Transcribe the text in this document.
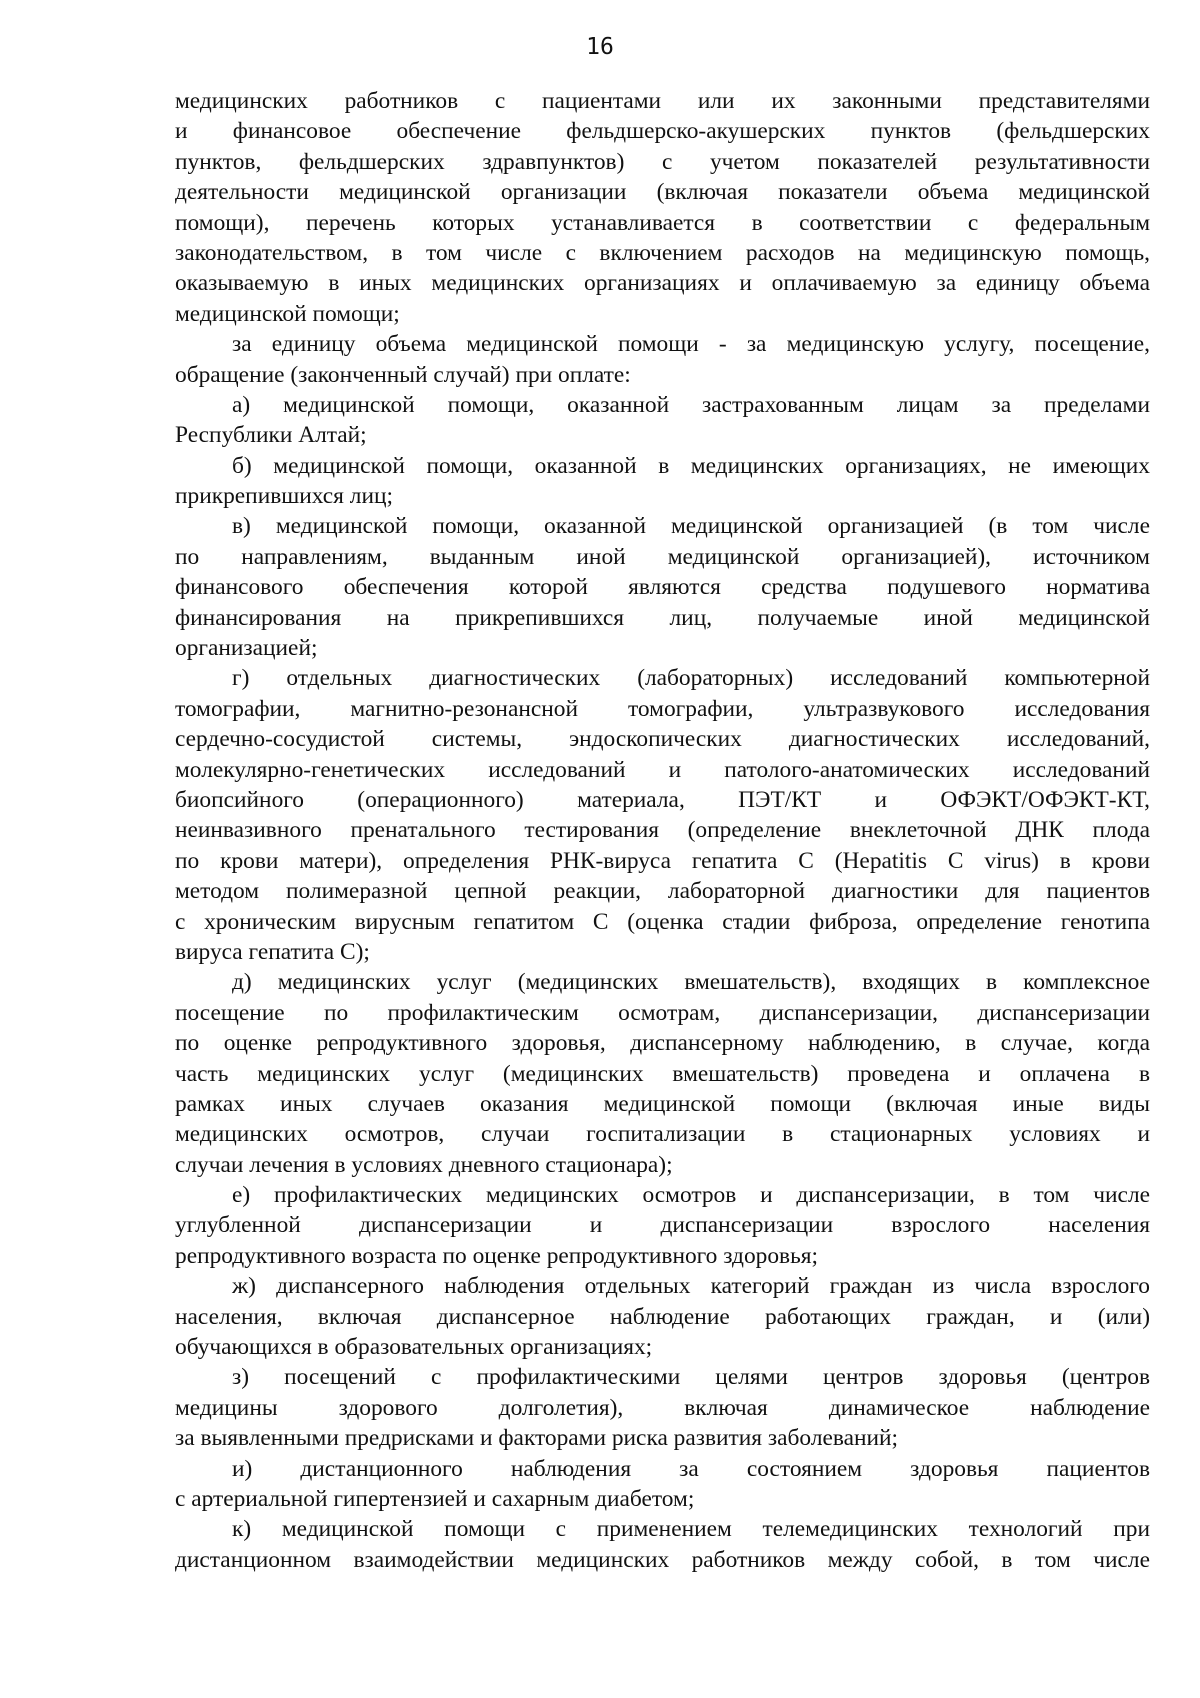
16
медицинских работников с пациентами или их законными представителями
и финансовое обеспечение фельдшерско-акушерских пунктов (фельдшерских
пунктов, фельдшерских здравпунктов) с учетом показателей результативности
деятельности медицинской организации (включая показатели объема медицинской
помощи), перечень которых устанавливается в соответствии с федеральным
законодательством, в том числе с включением расходов на медицинскую помощь,
оказываемую в иных медицинских организациях и оплачиваемую за единицу объема
медицинской помощи;
за единицу объема медицинской помощи - за медицинскую услугу, посещение,
обращение (законченный случай) при оплате:
а) медицинской помощи, оказанной застрахованным лицам за пределами
Республики Алтай;
б) медицинской помощи, оказанной в медицинских организациях, не имеющих
прикрепившихся лиц;
в) медицинской помощи, оказанной медицинской организацией (в том числе
по направлениям, выданным иной медицинской организацией), источником
финансового обеспечения которой являются средства подушевого норматива
финансирования на прикрепившихся лиц, получаемые иной медицинской
организацией;
г) отдельных диагностических (лабораторных) исследований компьютерной
томографии, магнитно-резонансной томографии, ультразвукового исследования
сердечно-сосудистой системы, эндоскопических диагностических исследований,
молекулярно-генетических исследований и патолого-анатомических исследований
биопсийного (операционного) материала, ПЭТ/КТ и ОФЭКТ/ОФЭКТ-КТ,
неинвазивного пренатального тестирования (определение внеклеточной ДНК плода
по крови матери), определения РНК-вируса гепатита С (Hepatitis C virus) в крови
методом полимеразной цепной реакции, лабораторной диагностики для пациентов
с хроническим вирусным гепатитом С (оценка стадии фиброза, определение генотипа
вируса гепатита С);
д) медицинских услуг (медицинских вмешательств), входящих в комплексное
посещение по профилактическим осмотрам, диспансеризации, диспансеризации
по оценке репродуктивного здоровья, диспансерному наблюдению, в случае, когда
часть медицинских услуг (медицинских вмешательств) проведена и оплачена в
рамках иных случаев оказания медицинской помощи (включая иные виды
медицинских осмотров, случаи госпитализации в стационарных условиях и
случаи лечения в условиях дневного стационара);
е) профилактических медицинских осмотров и диспансеризации, в том числе
углубленной диспансеризации и диспансеризации взрослого населения
репродуктивного возраста по оценке репродуктивного здоровья;
ж) диспансерного наблюдения отдельных категорий граждан из числа взрослого
населения, включая диспансерное наблюдение работающих граждан, и (или)
обучающихся в образовательных организациях;
з) посещений с профилактическими целями центров здоровья (центров
медицины здорового долголетия), включая динамическое наблюдение
за выявленными предрисками и факторами риска развития заболеваний;
и) дистанционного наблюдения за состоянием здоровья пациентов
с артериальной гипертензией и сахарным диабетом;
к) медицинской помощи с применением телемедицинских технологий при
дистанционном взаимодействии медицинских работников между собой, в том числе
